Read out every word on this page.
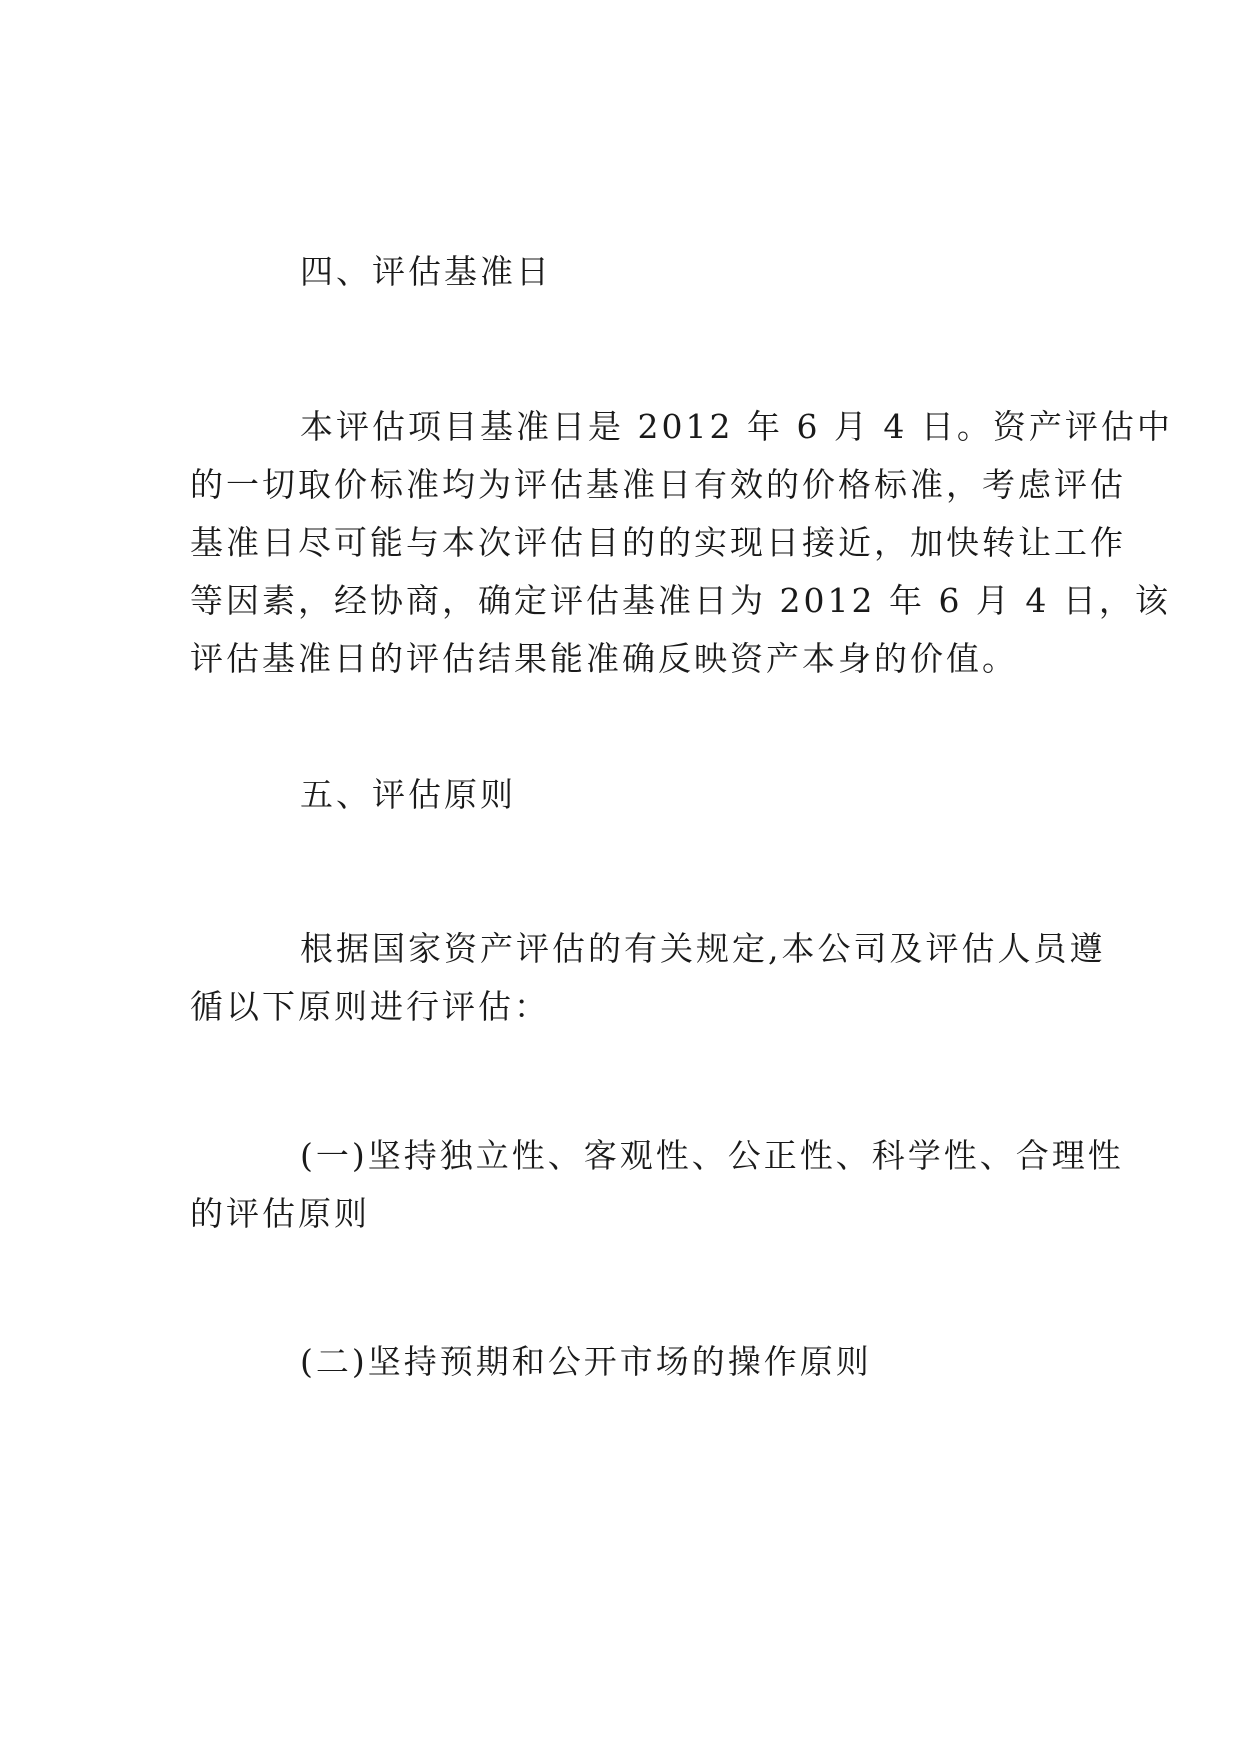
四、评估基准日

本评估项目基准日是 2012 年 6 月 4 日。资产评估中

的一切取价标准均为评估基准日有效的价格标准，考虑评估

基准日尽可能与本次评估目的的实现日接近，加快转让工作

等因素，经协商，确定评估基准日为 2012 年 6 月 4 日，该

评估基准日的评估结果能准确反映资产本身的价值。

五、评估原则

根据国家资产评估的有关规定,本公司及评估人员遵

循以下原则进行评估：

(一)坚持独立性、客观性、公正性、科学性、合理性

的评估原则

(二)坚持预期和公开市场的操作原则
